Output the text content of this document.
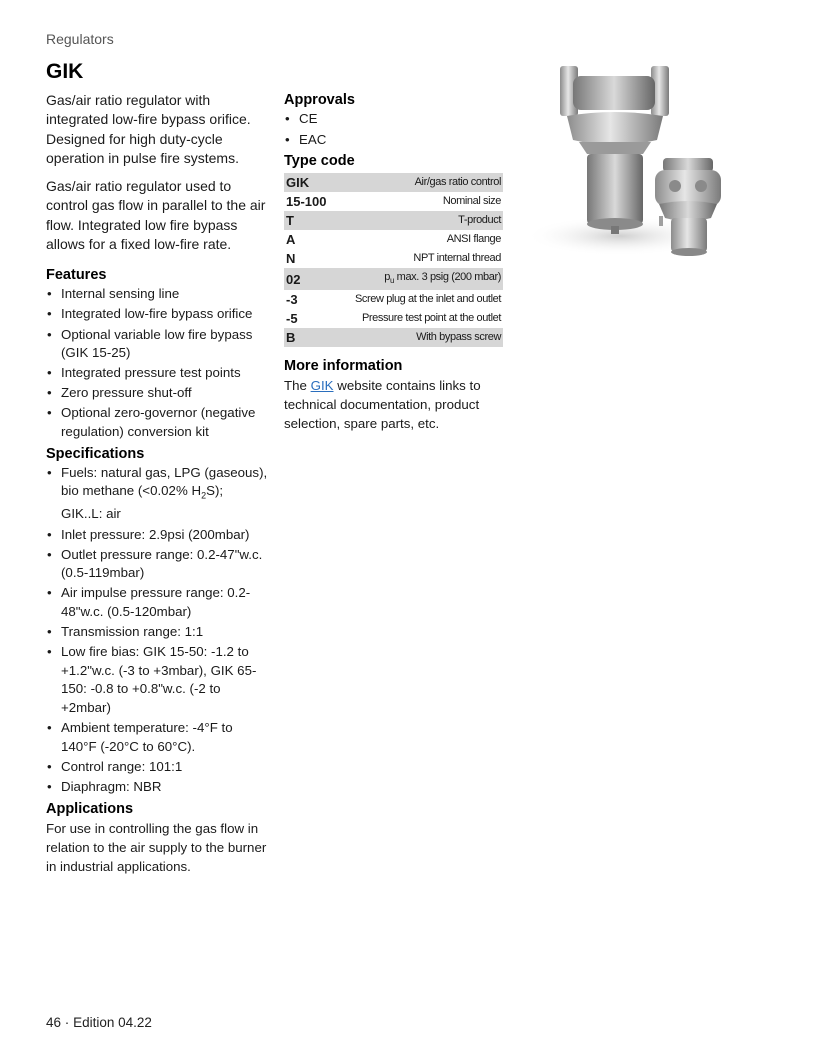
Regulators
GIK

Gas/air ratio regulator with integrated low-fire bypass orifice. Designed for high duty-cycle operation in pulse fire systems.

Gas/air ratio regulator used to control gas flow in parallel to the air flow. Integrated low fire bypass allows for a fixed low-fire rate.

Features
• Internal sensing line
• Integrated low-fire bypass orifice
• Optional variable low fire bypass (GIK 15-25)
• Integrated pressure test points
• Zero pressure shut-off
• Optional zero-governor (negative regulation) conversion kit
Specifications
• Fuels: natural gas, LPG (gaseous), bio methane (<0.02% $H_2S$); GIK..L: air
• Inlet pressure: 2.9psi (200mbar)
• Outlet pressure range: 0.2-47"w.c. (0.5-119mbar)
• Air impulse pressure range: 0.2-48"w.c. (0.5-120mbar)
• Transmission range: 1:1
• Low fire bias: GIK 15-50: -1.2 to +1.2"w.c. (-3 to +3mbar), GIK 65-150: -0.8 to +0.8"w.c. (-2 to +2mbar)
• Ambient temperature: -4°F to 140°F (-20°C to 60°C).
• Control range: 101:1
• Diaphragm: NBR
Applications

For use in controlling the gas flow in relation to the air supply to the burner in industrial applications.

Approvals
• CE
• EAC
Type code
GIK	Air/gas ratio control
15-100	Nominal size
T	T-product
A	ANSI flange
N	NPT internal thread
02	$p_u$ max. 3 psig (200 mbar)
-3	Screw plug at the inlet and outlet
-5	Pressure test point at the outlet
B	With bypass screw
More information

The GIK website contains links to technical documentation, product selection, spare parts, etc.

46 · Edition 04.22
